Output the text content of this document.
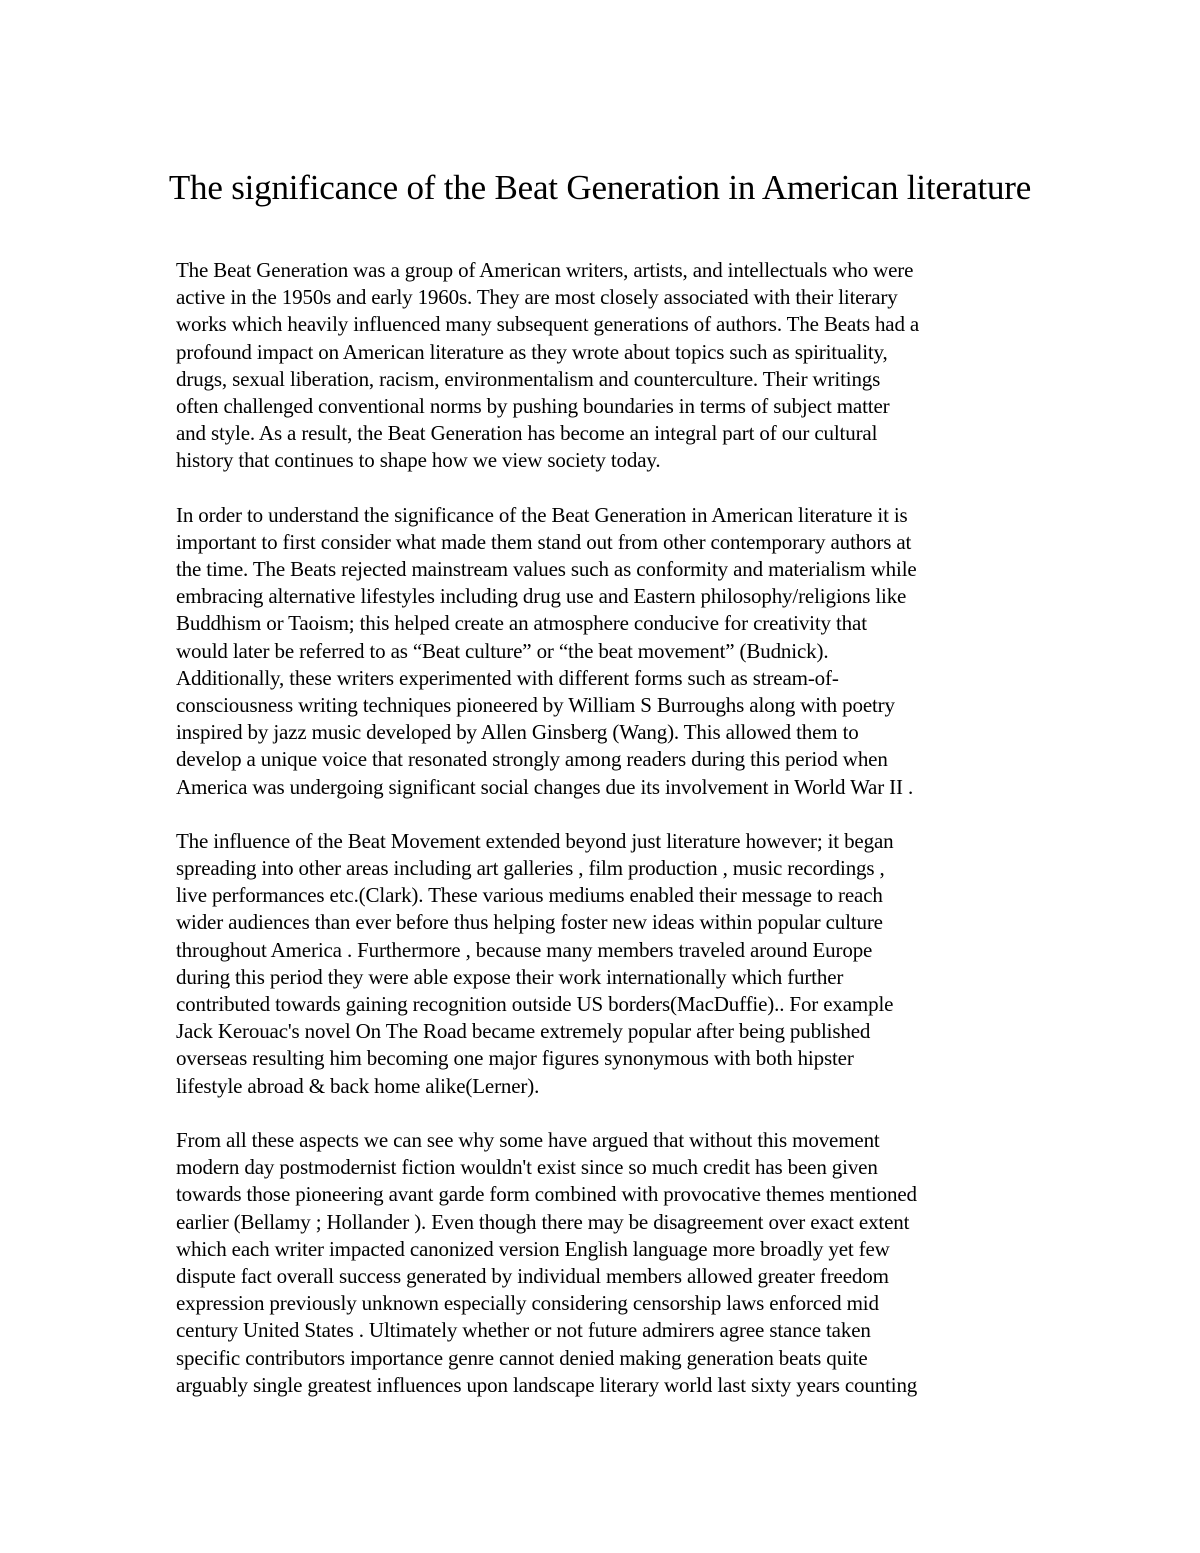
The significance of the Beat Generation in American literature

The Beat Generation was a group of American writers, artists, and intellectuals who were
active in the 1950s and early 1960s. They are most closely associated with their literary
works which heavily influenced many subsequent generations of authors. The Beats had a
profound impact on American literature as they wrote about topics such as spirituality,
drugs, sexual liberation, racism, environmentalism and counterculture. Their writings
often challenged conventional norms by pushing boundaries in terms of subject matter
and style. As a result, the Beat Generation has become an integral part of our cultural
history that continues to shape how we view society today.

In order to understand the significance of the Beat Generation in American literature it is
important to first consider what made them stand out from other contemporary authors at
the time. The Beats rejected mainstream values such as conformity and materialism while
embracing alternative lifestyles including drug use and Eastern philosophy/religions like
Buddhism or Taoism; this helped create an atmosphere conducive for creativity that
would later be referred to as “Beat culture” or “the beat movement” (Budnick).
Additionally, these writers experimented with different forms such as stream-of-
consciousness writing techniques pioneered by William S Burroughs along with poetry
inspired by jazz music developed by Allen Ginsberg (Wang). This allowed them to
develop a unique voice that resonated strongly among readers during this period when
America was undergoing significant social changes due its involvement in World War II .

The influence of the Beat Movement extended beyond just literature however; it began
spreading into other areas including art galleries , film production , music recordings ,
live performances etc.(Clark). These various mediums enabled their message to reach
wider audiences than ever before thus helping foster new ideas within popular culture
throughout America . Furthermore , because many members traveled around Europe
during this period they were able expose their work internationally which further
contributed towards gaining recognition outside US borders(MacDuffie).. For example
Jack Kerouac's novel On The Road became extremely popular after being published
overseas resulting him becoming one major figures synonymous with both hipster
lifestyle abroad & back home alike(Lerner).

From all these aspects we can see why some have argued that without this movement
modern day postmodernist fiction wouldn't exist since so much credit has been given
towards those pioneering avant garde form combined with provocative themes mentioned
earlier (Bellamy ; Hollander ). Even though there may be disagreement over exact extent
which each writer impacted canonized version English language more broadly yet few
dispute fact overall success generated by individual members allowed greater freedom
expression previously unknown especially considering censorship laws enforced mid
century United States . Ultimately whether or not future admirers agree stance taken
specific contributors importance genre cannot denied making generation beats quite
arguably single greatest influences upon landscape literary world last sixty years counting
